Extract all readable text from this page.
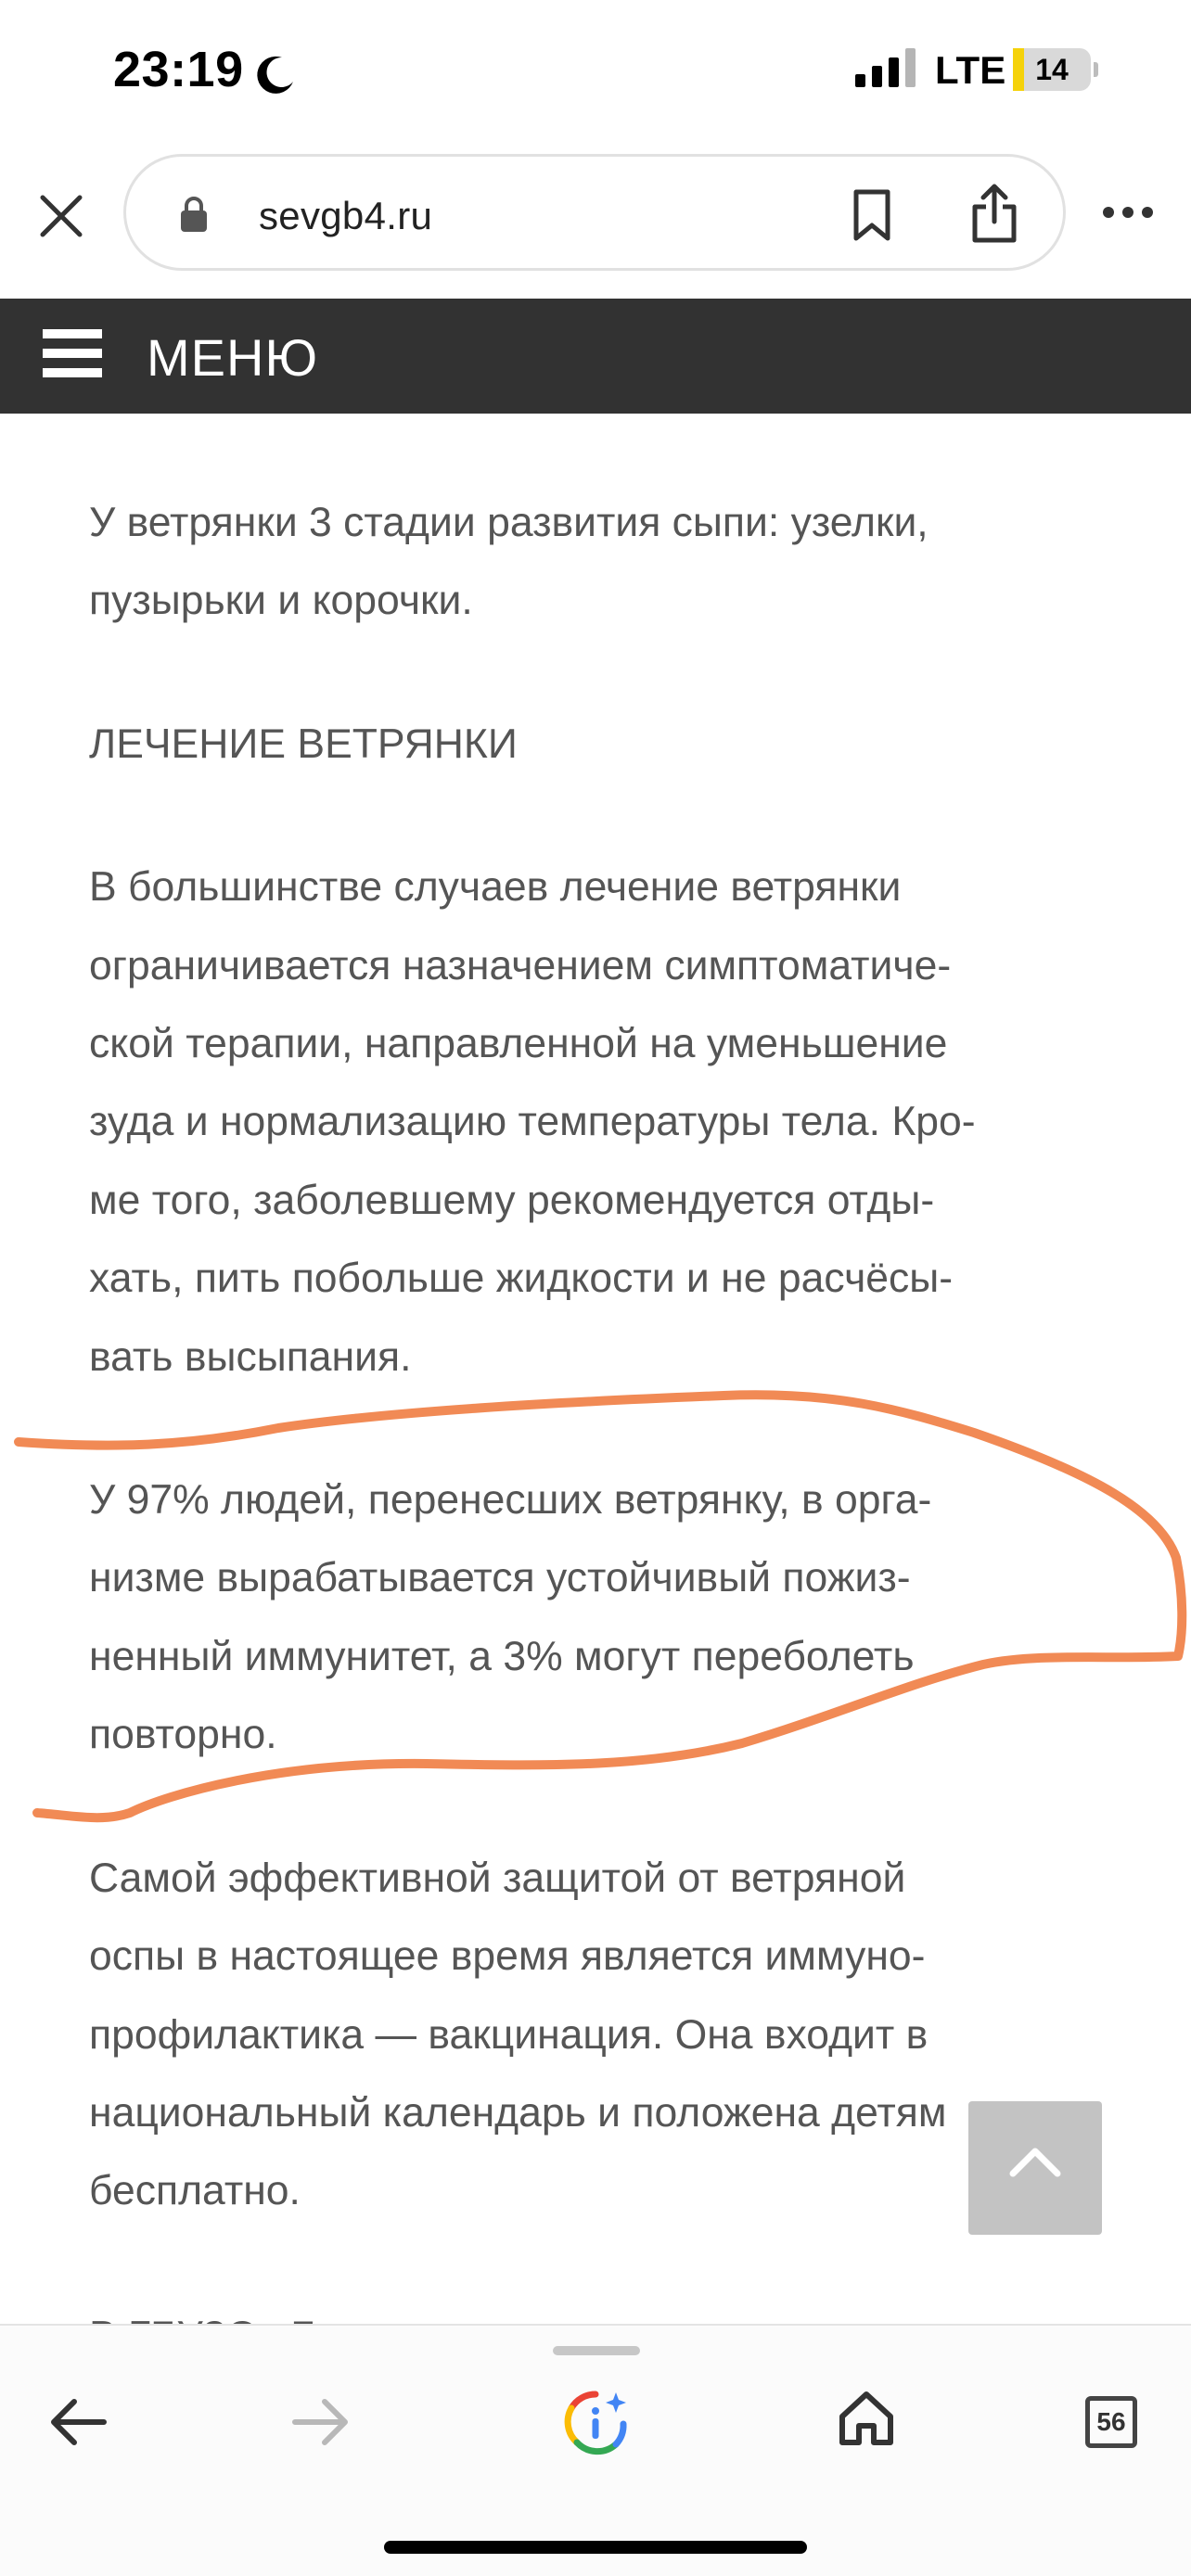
23:19	LTE 14
sevgb4.ru
МЕНЮ

У ветрянки 3 стадии развития сыпи: узелки,
пузырьки и корочки.

ЛЕЧЕНИЕ ВЕТРЯНКИ

В большинстве случаев лечение ветрянки
ограничивается назначением симптоматиче-
ской терапии, направленной на уменьшение
зуда и нормализацию температуры тела. Кро-
ме того, заболевшему рекомендуется отды-
хать, пить побольше жидкости и не расчёсы-
вать высыпания.

У 97% людей, перенесших ветрянку, в орга-
низме вырабатывается устойчивый пожиз-
ненный иммунитет, а 3% могут переболеть
повторно.

Самой эффективной защитой от ветряной
оспы в настоящее время является иммуно-
профилактика — вакцинация. Она входит в
национальный календарь и положена детям
бесплатно.

56
